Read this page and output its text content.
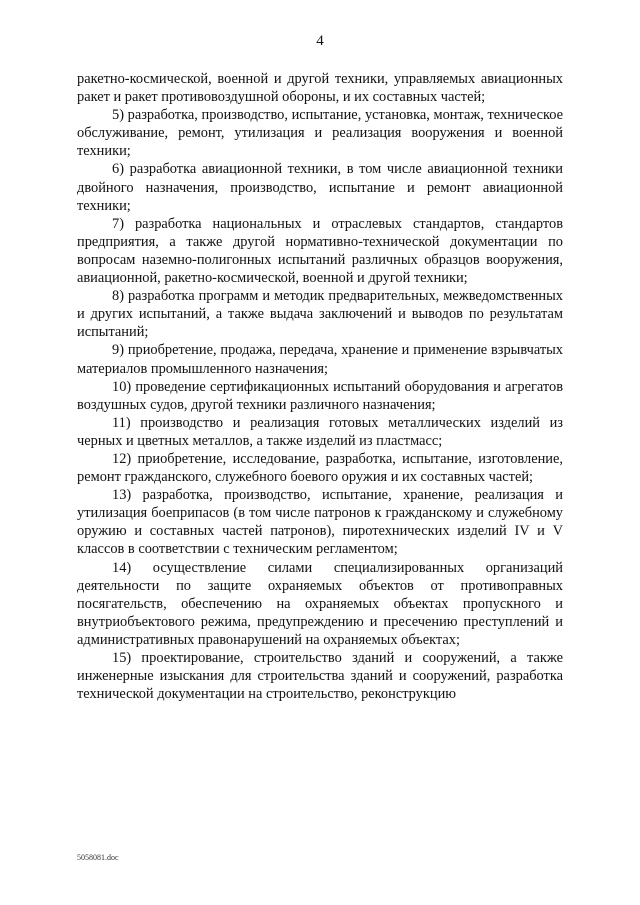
4

ракетно-космической, военной и другой техники, управляемых авиационных ракет и ракет противовоздушной обороны, и их составных частей;

5) разработка, производство, испытание, установка, монтаж, техническое обслуживание, ремонт, утилизация и реализация вооружения и военной техники;

6) разработка авиационной техники, в том числе авиационной техники двойного назначения, производство, испытание и ремонт авиационной техники;

7) разработка национальных и отраслевых стандартов, стандартов предприятия, а также другой нормативно-технической документации по вопросам наземно-полигонных испытаний различных образцов вооружения, авиационной, ракетно-космической, военной и другой техники;

8) разработка программ и методик предварительных, межведомственных и других испытаний, а также выдача заключений и выводов по результатам испытаний;

9) приобретение, продажа, передача, хранение и применение взрывчатых материалов промышленного назначения;

10) проведение сертификационных испытаний оборудования и агрегатов воздушных судов, другой техники различного назначения;

11) производство и реализация готовых металлических изделий из черных и цветных металлов, а также изделий из пластмасс;

12) приобретение, исследование, разработка, испытание, изготовление, ремонт гражданского, служебного боевого оружия и их составных частей;

13) разработка, производство, испытание, хранение, реализация и утилизация боеприпасов (в том числе патронов к гражданскому и служебному оружию и составных частей патронов), пиротехнических изделий IV и V классов в соответствии с техническим регламентом;

14) осуществление силами специализированных организаций деятельности по защите охраняемых объектов от противоправных посягательств, обеспечению на охраняемых объектах пропускного и внутриобъектового режима, предупреждению и пресечению преступлений и административных правонарушений на охраняемых объектах;

15) проектирование, строительство зданий и сооружений, а также инженерные изыскания для строительства зданий и сооружений, разработка технической документации на строительство, реконструкцию

5058081.doc
